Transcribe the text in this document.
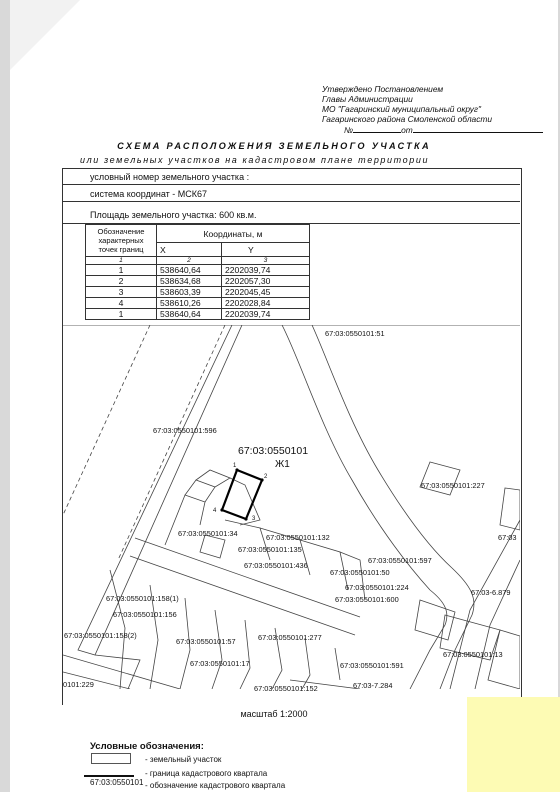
Утверждено Постановлением
Главы Администрации
МО "Гагаринский муниципальный округ"
Гагаринского района Смоленской области
№	от
СХЕМА РАСПОЛОЖЕНИЯ ЗЕМЕЛЬНОГО УЧАСТКА
или земельных участков на кадастровом плане территории
условный номер земельного участка :
система координат - МСК67
Площадь земельного участка: 600 кв.м.
Обозначение характерных точек границ	Координаты, м	
	X	Y
1	2	3
1	538640,64	2202039,74
2	538634,68	2202057,30
3	538603,39	2202045,45
4	538610,26	2202028,84
1	538640,64	2202039,74
1
2
3
4
67:03:0550101
Ж1
67:03:0550101:51
67:03:0550101:596
67:03:0550101:227
67:03
67:03:0550101:34	67:03:0550101:132
67:03:0550101:135
67:03:0550101:597
67:03:0550101:436
67:03:0550101:50
67:03:0550101:224
67:03:0550101:600
67:03-6.879
67:03:0550101:158(1)
67:03:0550101:156
67:03:0550101:158(2)
67:03:0550101:57	67:03:0550101:277
67:03:0550101:13
67:03:0550101:17	67:03:0550101:591
0101:229	67:03:0550101:152	67:03-7.284
масштаб 1:2000
Условные обозначения:
- земельный участок
- граница кадастрового квартала
67:03:0550101 - обозначение кадастрового квартала
